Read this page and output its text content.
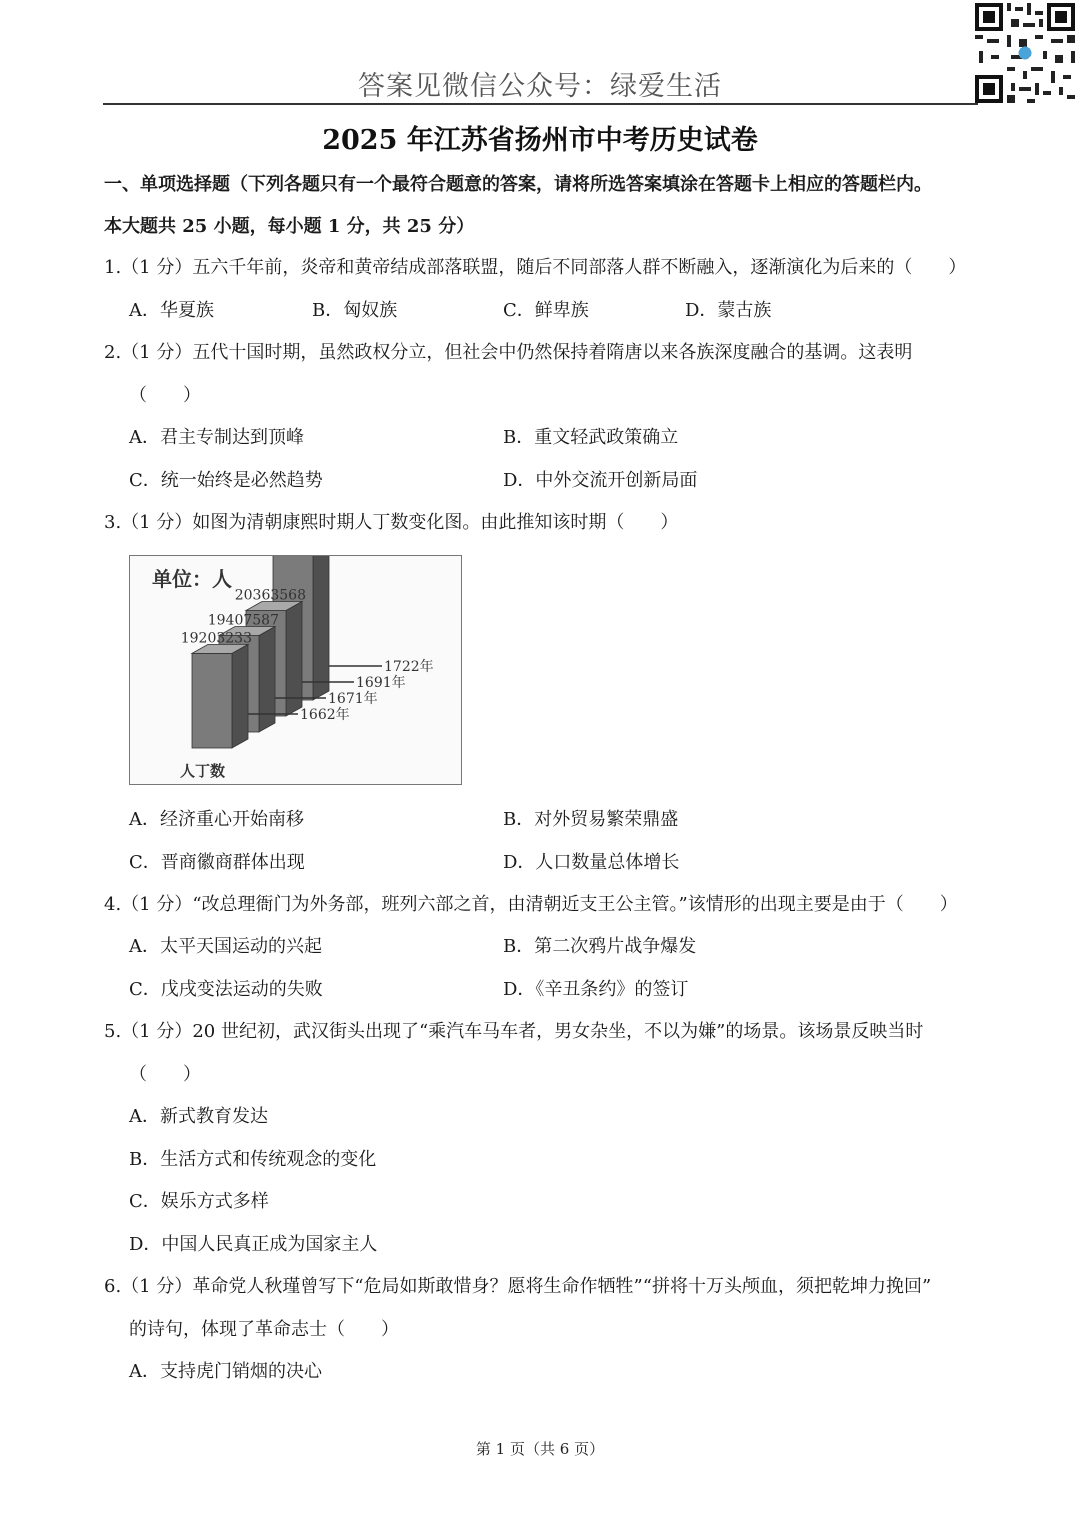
答案见微信公众号：绿爱生活
2025 年江苏省扬州市中考历史试卷
一、单项选择题（下列各题只有一个最符合题意的答案，请将所选答案填涂在答题卡上相应的答题栏内。
本大题共 25 小题，每小题 1 分，共 25 分）
1.（1 分）五六千年前，炎帝和黄帝结成部落联盟，随后不同部落人群不断融入，逐渐演化为后来的（　　）
A．华夏族	B．匈奴族	C．鲜卑族	D．蒙古族
2.（1 分）五代十国时期，虽然政权分立，但社会中仍然保持着隋唐以来各族深度融合的基调。这表明
（　　）
A．君主专制达到顶峰	B．重文轻武政策确立
C．统一始终是必然趋势	D．中外交流开创新局面
3.（1 分）如图为清朝康熙时期人丁数变化图。由此推知该时期（　　）
单位：人
人丁数
1722年
20363568
1691年
19407587
1671年
19203233
1662年
A．经济重心开始南移	B．对外贸易繁荣鼎盛
C．晋商徽商群体出现	D．人口数量总体增长
4.（1 分）“改总理衙门为外务部，班列六部之首，由清朝近支王公主管。”该情形的出现主要是由于（　　）
A．太平天国运动的兴起	B．第二次鸦片战争爆发
C．戊戌变法运动的失败	D．《辛丑条约》的签订
5.（1 分）20 世纪初，武汉街头出现了“乘汽车马车者，男女杂坐，不以为嫌”的场景。该场景反映当时
（　　）
A．新式教育发达
B．生活方式和传统观念的变化
C．娱乐方式多样
D．中国人民真正成为国家主人
6.（1 分）革命党人秋瑾曾写下“危局如斯敢惜身？愿将生命作牺牲”“拼将十万头颅血，须把乾坤力挽回”
的诗句，体现了革命志士（　　）
A．支持虎门销烟的决心
第 1 页（共 6 页）
